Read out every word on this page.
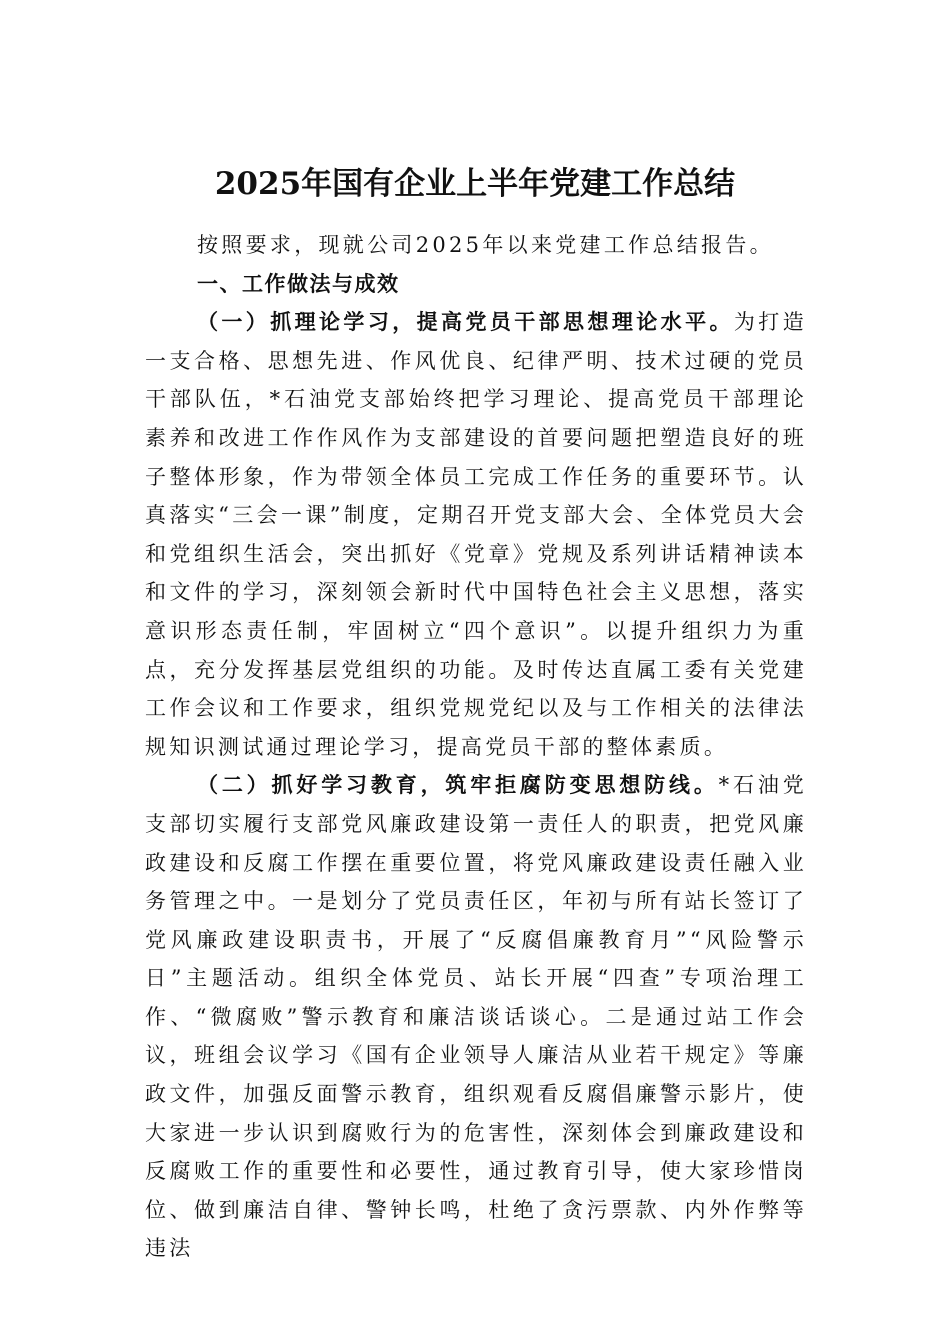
2025年国有企业上半年党建工作总结

按照要求，现就公司2025年以来党建工作总结报告。

一、工作做法与成效

（一）抓理论学习，提高党员干部思想理论水平。为打造一支合格、思想先进、作风优良、纪律严明、技术过硬的党员干部队伍，*石油党支部始终把学习理论、提高党员干部理论素养和改进工作作风作为支部建设的首要问题把塑造良好的班子整体形象，作为带领全体员工完成工作任务的重要环节。认真落实“三会一课”制度，定期召开党支部大会、全体党员大会和党组织生活会，突出抓好《党章》党规及系列讲话精神读本和文件的学习，深刻领会新时代中国特色社会主义思想，落实意识形态责任制，牢固树立“四个意识”。以提升组织力为重点，充分发挥基层党组织的功能。及时传达直属工委有关党建工作会议和工作要求，组织党规党纪以及与工作相关的法律法规知识测试通过理论学习，提高党员干部的整体素质。

（二）抓好学习教育，筑牢拒腐防变思想防线。*石油党支部切实履行支部党风廉政建设第一责任人的职责，把党风廉政建设和反腐工作摆在重要位置，将党风廉政建设责任融入业务管理之中。一是划分了党员责任区，年初与所有站长签订了党风廉政建设职责书，开展了“反腐倡廉教育月”“风险警示日”主题活动。组织全体党员、站长开展“四查”专项治理工作、“微腐败”警示教育和廉洁谈话谈心。二是通过站工作会议，班组会议学习《国有企业领导人廉洁从业若干规定》等廉政文件，加强反面警示教育，组织观看反腐倡廉警示影片，使大家进一步认识到腐败行为的危害性，深刻体会到廉政建设和反腐败工作的重要性和必要性，通过教育引导，使大家珍惜岗位、做到廉洁自律、警钟长鸣，杜绝了贪污票款、内外作弊等违法
